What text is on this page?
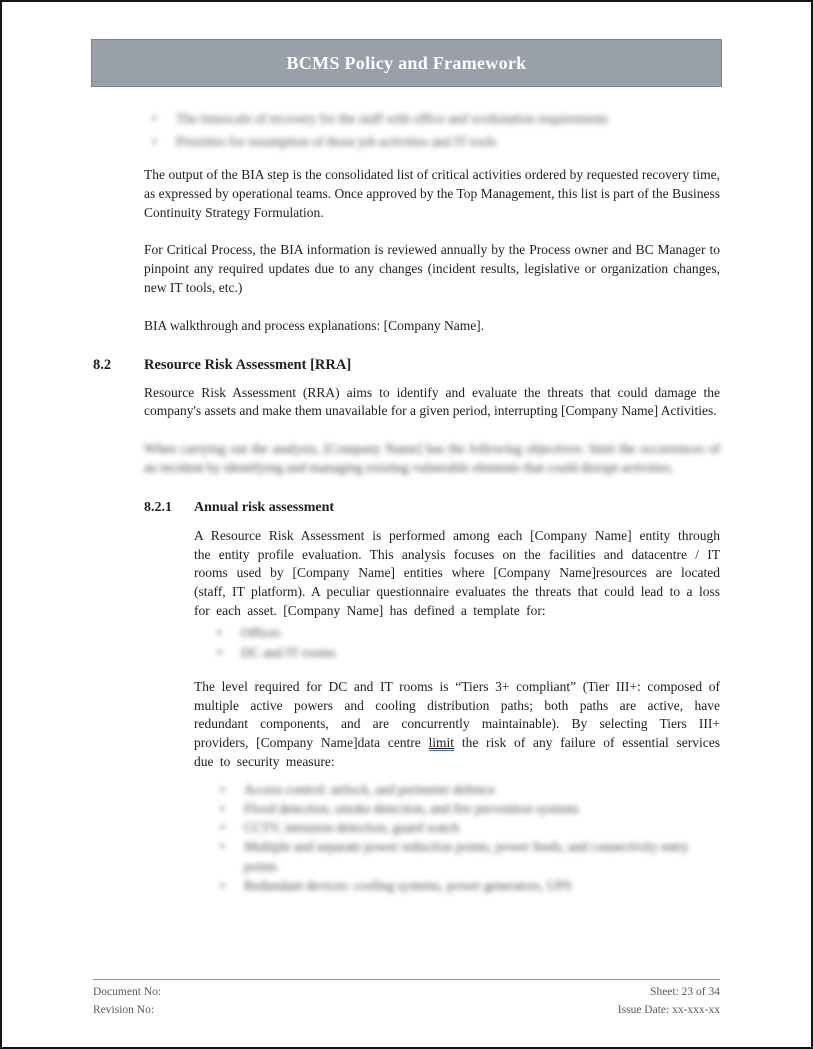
BCMS Policy and Framework
•	The timescale of recovery for the staff with office and workstation requirements
•	Priorities for resumption of those job activities and IT tools

The output of the BIA step is the consolidated list of critical activities ordered by requested recovery time, as expressed by operational teams. Once approved by the Top Management, this list is part of the Business Continuity Strategy Formulation.

For Critical Process, the BIA information is reviewed annually by the Process owner and BC Manager to pinpoint any required updates due to any changes (incident results, legislative or organization changes, new IT tools, etc.)

BIA walkthrough and process explanations: [Company Name].

8.2	Resource Risk Assessment [RRA]

Resource Risk Assessment (RRA) aims to identify and evaluate the threats that could damage the company's assets and make them unavailable for a given period, interrupting [Company Name] Activities.

When carrying out the analysis, [Company Name] has the following objectives: limit the occurrences of an incident by identifying and managing existing vulnerable elements that could disrupt activities.

8.2.1	Annual risk assessment

A Resource Risk Assessment is performed among each [Company Name] entity through the entity profile evaluation. This analysis focuses on the facilities and datacentre / IT rooms used by [Company Name] entities where [Company Name]resources are located (staff, IT platform). A peculiar questionnaire evaluates the threats that could lead to a loss for each asset. [Company Name] has defined a template for:

•	Offices
•	DC and IT rooms

The level required for DC and IT rooms is “Tiers 3+ compliant” (Tier III+: composed of multiple active powers and cooling distribution paths; both paths are active, have redundant components, and are concurrently maintainable). By selecting Tiers III+ providers, [Company Name]data centre limit the risk of any failure of essential services due to security measure:

•	Access control: airlock, and perimeter defence
•	Flood detection, smoke detection, and fire prevention systems
•	CCTV, intrusion detection, guard watch
•	Multiple and separate power reduction points, power feeds, and connectivity entry points
•	Redundant devices: cooling systems, power generators, UPS
Document No:
Revision No:
Sheet: 23 of 34
Issue Date: xx-xxx-xx
